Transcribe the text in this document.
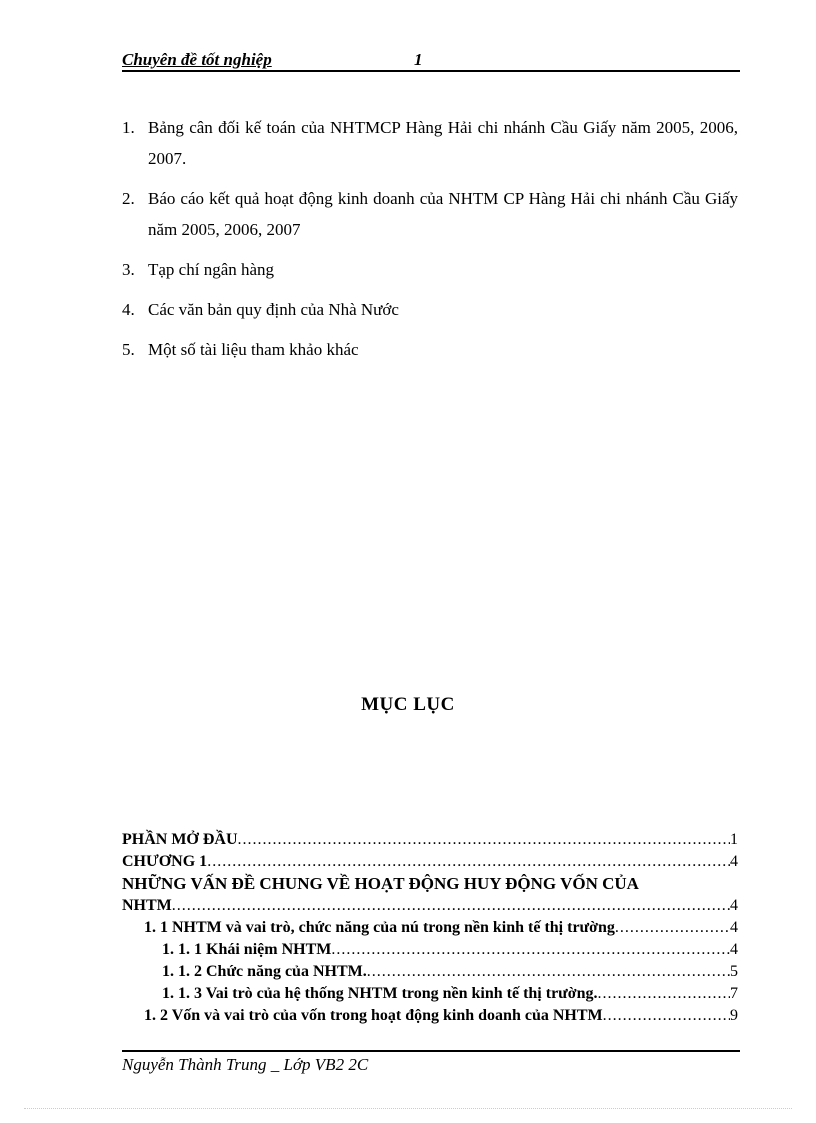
Chuyên đề tốt nghiệp	1
1. Bảng cân đối kế toán của NHTMCP Hàng Hải chi nhánh Cầu Giấy năm 2005, 2006, 2007.
2. Báo cáo kết quả hoạt động kinh doanh của NHTM CP Hàng Hải chi nhánh Cầu Giấy năm 2005, 2006, 2007
3. Tạp chí ngân hàng
4. Các văn bản quy định của Nhà Nước
5. Một số tài liệu tham khảo khác
MỤC LỤC
PHẦN MỞ ĐẦU .....	1
CHƯƠNG 1 .....	4
NHỮNG VẤN ĐỀ CHUNG VỀ HOẠT ĐỘNG HUY ĐỘNG VỐN CỦA
NHTM .....	4
1. 1 NHTM và vai trò, chức năng của nú trong nền kinh tế thị trường .....	4
1. 1. 1 Khái niệm NHTM .....	4
1. 1. 2 Chức năng của NHTM. .....	5
1. 1. 3 Vai trò của hệ thống NHTM trong nền kinh tế thị trường. .....	7
1. 2 Vốn và vai trò của vốn trong hoạt động kinh doanh của NHTM .....	9
Nguyễn Thành Trung _ Lớp VB2 2C
